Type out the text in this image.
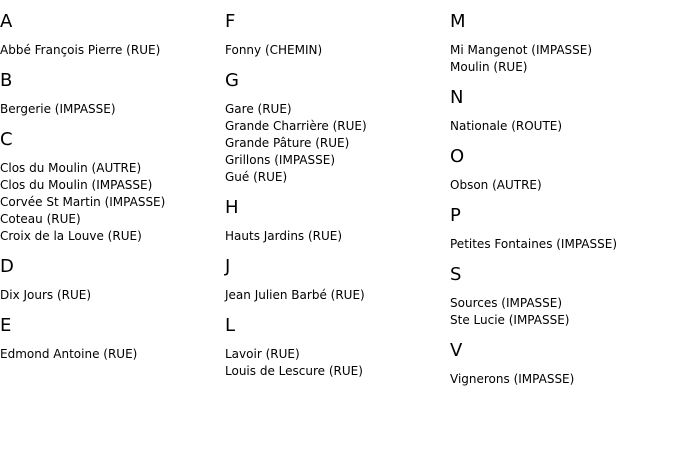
A
Abbé François Pierre (RUE)
B
Bergerie (IMPASSE)
C
Clos du Moulin (AUTRE)
Clos du Moulin (IMPASSE)
Corvée St Martin (IMPASSE)
Coteau (RUE)
Croix de la Louve (RUE)
D
Dix Jours (RUE)
E
Edmond Antoine (RUE)
F
Fonny (CHEMIN)
G
Gare (RUE)
Grande Charrière (RUE)
Grande Pâture (RUE)
Grillons (IMPASSE)
Gué (RUE)
H
Hauts Jardins (RUE)
J
Jean Julien Barbé (RUE)
L
Lavoir (RUE)
Louis de Lescure (RUE)
M
Mi Mangenot (IMPASSE)
Moulin (RUE)
N
Nationale (ROUTE)
O
Obson (AUTRE)
P
Petites Fontaines (IMPASSE)
S
Sources (IMPASSE)
Ste Lucie (IMPASSE)
V
Vignerons (IMPASSE)
